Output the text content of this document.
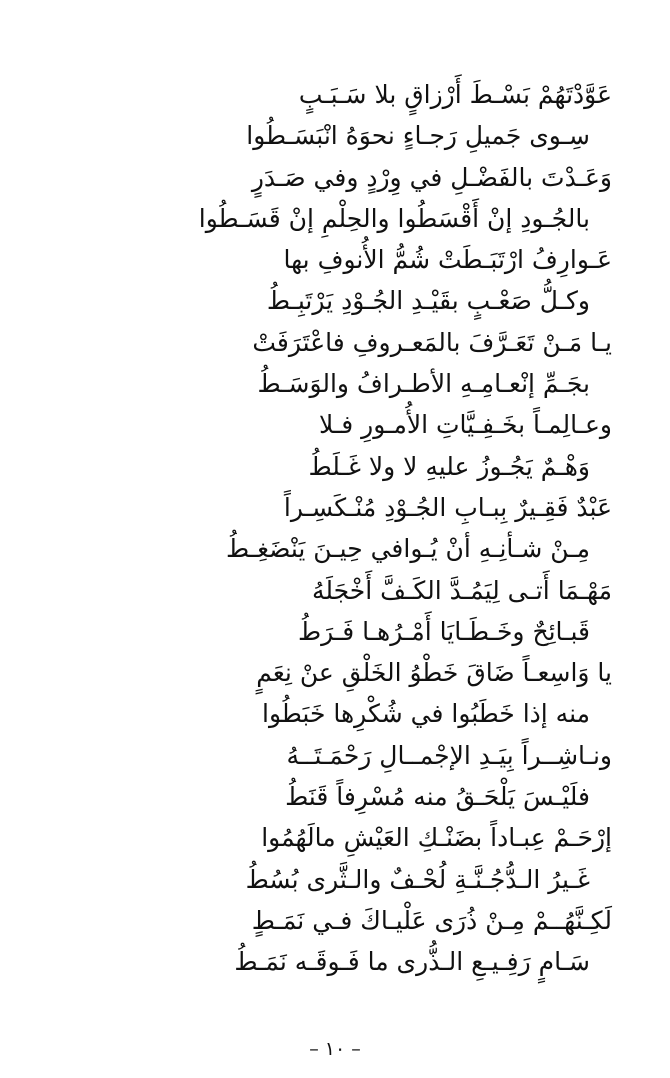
عَوَّدْتَهُمْ بَسْـطَ أَرْزاقٍ بلا سَـبَـبٍ
سِـوى جَميلِ رَجـاءٍ نحوَهُ انْبَسَـطُوا
وَعَـدْتَ بالفَضْـلِ في وِرْدٍ وفي صَـدَرٍ
بالجُـودِ إنْ أَقْسَطُوا والحِلْمِ إنْ قَسَـطُوا
عَـوارِفُ ارْتَبَـطَتْ شُمُّ الأُنوفِ بها
وكـلُّ صَعْـبٍ بقَيْـدِ الجُـوْدِ يَرْتَبِـطُ
يـا مَـنْ تَعَـرَّفَ بالمَعـروفِ فاعْتَرَفَتْ
بجَـمِّ إنْعـامِـهِ الأطـرافُ والوَسَـطُ
وعـالِمـاً بخَـفِـيَّاتِ الأُمـورِ فـلا
وَهْـمٌ يَجُـوزُ عليهِ لا ولا غَـلَطُ
عَبْدٌ فَقِـيرٌ بِبـابِ الجُـوْدِ مُنْـكَسِـراً
مِـنْ شـأنِـهِ أنْ يُـوافي حِيـنَ يَنْضَغِـطُ
مَهْـمَا أَتـى لِيَمُـدَّ الكَـفَّ أَخْجَلَهُ
قَبـائِحٌ وخَـطَـايَا أَمْـرُهـا فَـرَطُ
يا وَاسِعـاً ضَاقَ خَطْوُ الخَلْقِ عنْ نِعَمٍ
منه إذا خَطَبُوا في شُكْرِها خَبَطُوا
ونـاشِــراً بِيَـدِ الإجْمــالِ رَحْمَـتَــهُ
فلَيْـسَ يَلْحَـقُ منه مُسْرِفاً قَنَطُ
إرْحَـمْ عِبـاداً بضَنْـكِ العَيْشِ مالَهُمُوا
غَـيرُ الـدُّجُـنَّـةِ لُحْـفٌ والـثَّرى بُسُطُ
لَكِـنَّهُــمْ مِـنْ ذُرَى عَلْيـاكَ فـي نَمَـطٍ
سَـامٍ رَفِـيـعِ الـذُّرى ما فَـوقَـه نَمَـطُ
– ١٠ –
